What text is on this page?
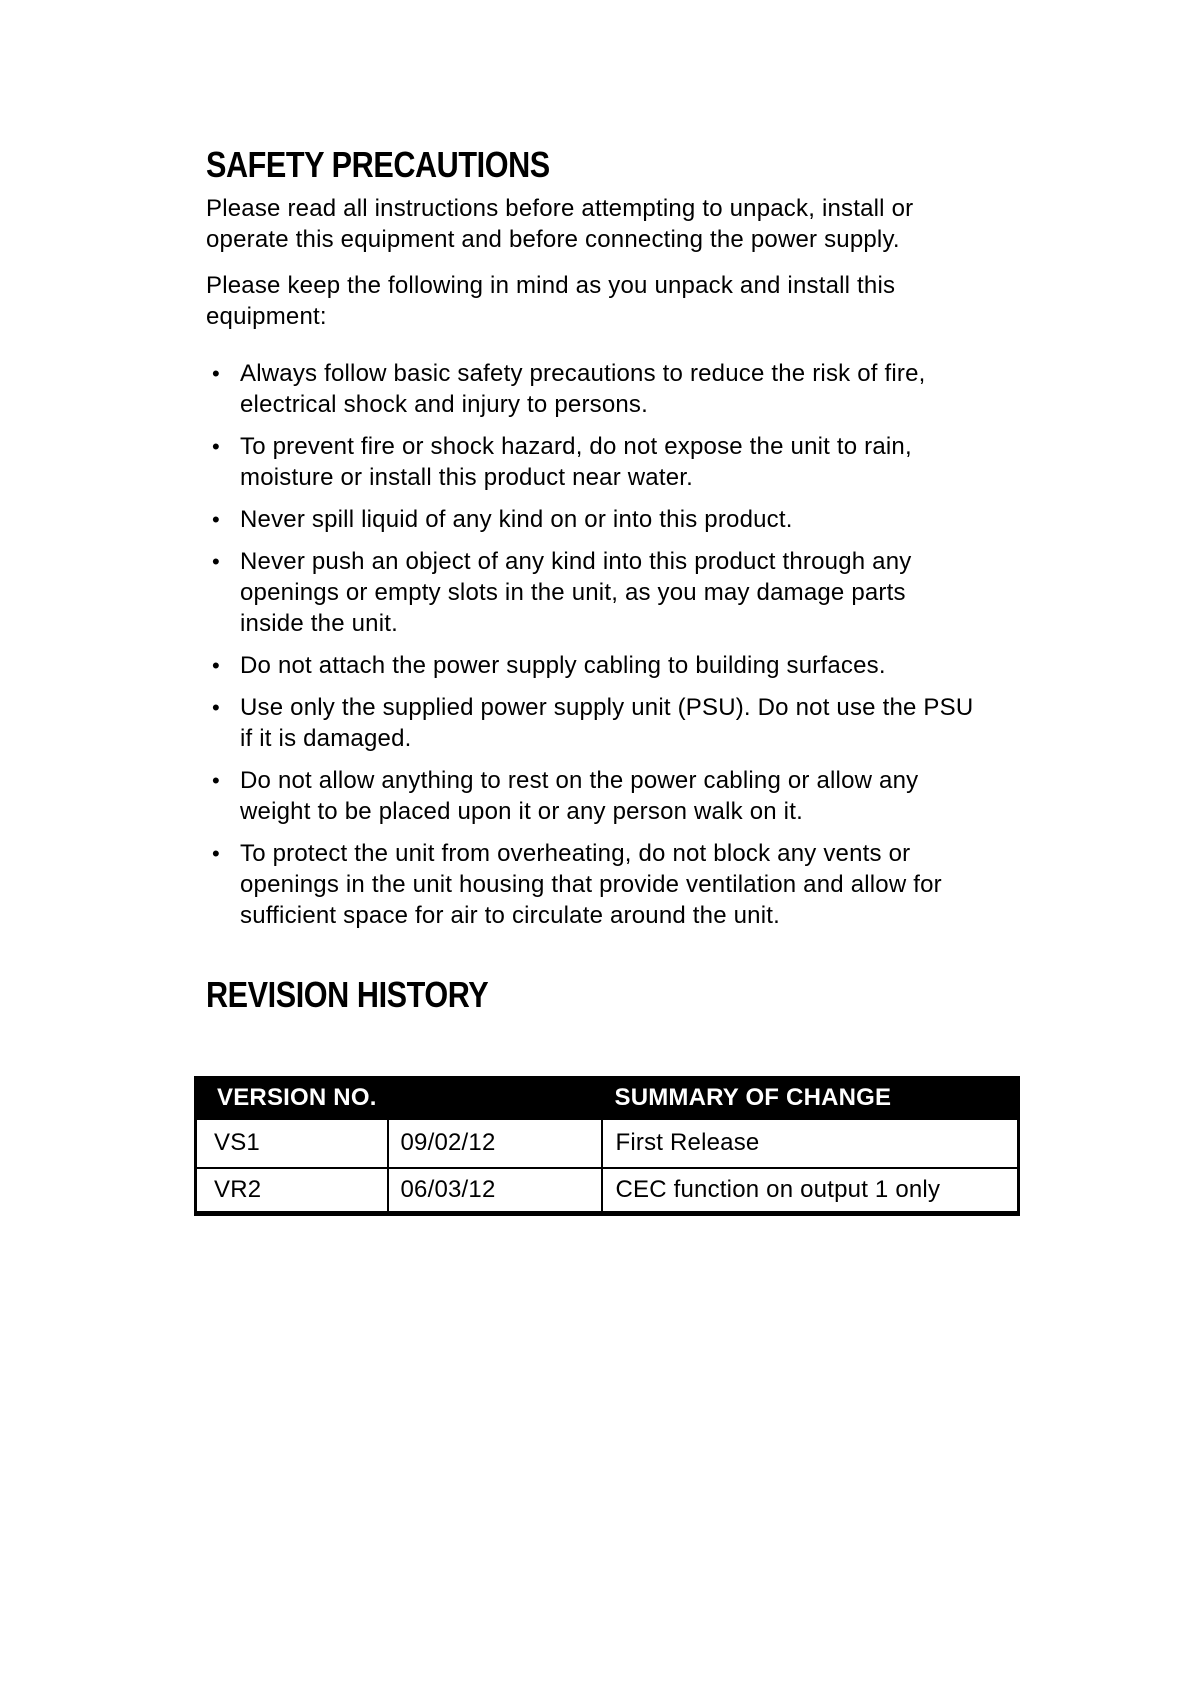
SAFETY PRECAUTIONS
Please read all instructions before attempting to unpack, install or
operate this equipment and before connecting the power supply.
Please keep the following in mind as you unpack and install this
equipment:
• Always follow basic safety precautions to reduce the risk of fire,
electrical shock and injury to persons.
• To prevent fire or shock hazard, do not expose the unit to rain,
moisture or install this product near water.
• Never spill liquid of any kind on or into this product.
• Never push an object of any kind into this product through any
openings or empty slots in the unit, as you may damage parts
inside the unit.
• Do not attach the power supply cabling to building surfaces.
• Use only the supplied power supply unit (PSU). Do not use the PSU
if it is damaged.
• Do not allow anything to rest on the power cabling or allow any
weight to be placed upon it or any person walk on it.
• To protect the unit from overheating, do not block any vents or
openings in the unit housing that provide ventilation and allow for
sufficient space for air to circulate around the unit.
REVISION HISTORY
VERSION NO.		SUMMARY OF CHANGE
VS1	09/02/12	First Release
VR2	06/03/12	CEC function on output 1 only
